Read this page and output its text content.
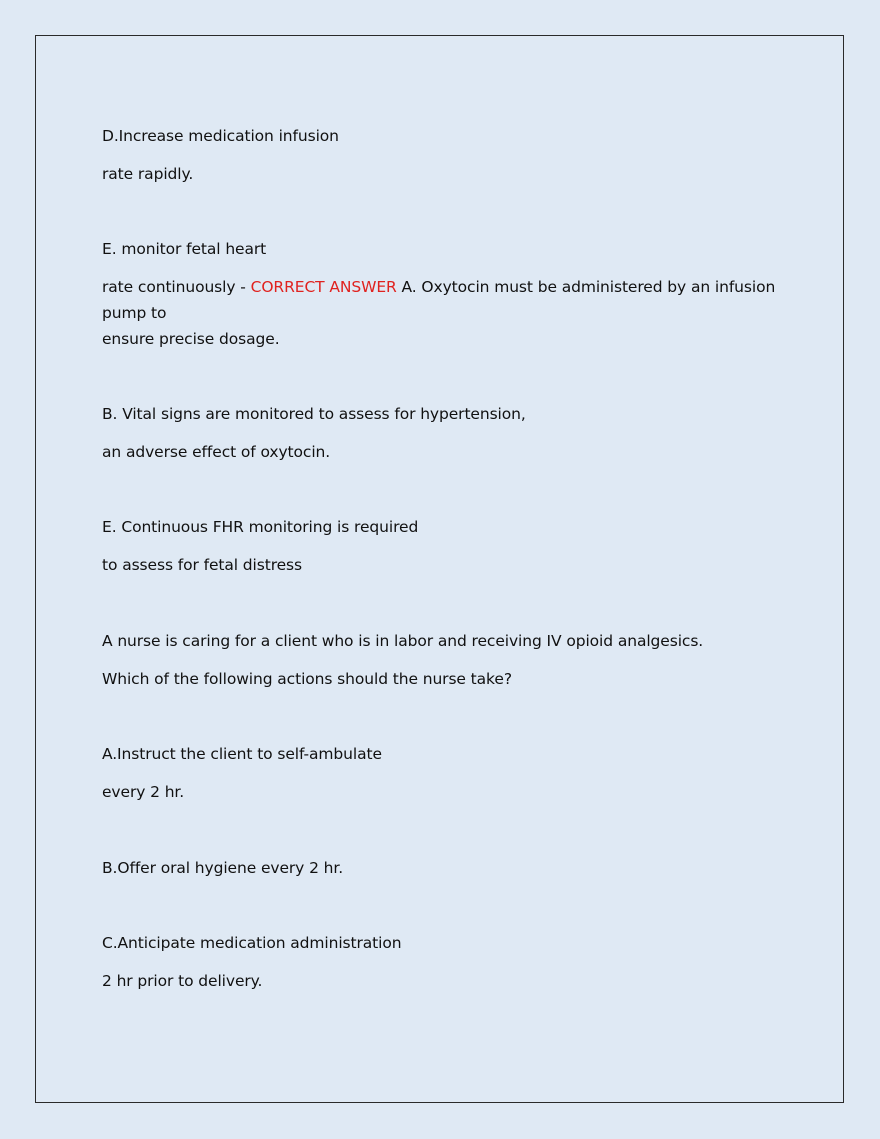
D.Increase medication infusion
rate rapidly.
E. monitor fetal heart
rate continuously - CORRECT ANSWER A. Oxytocin must be administered by an infusion pump to
ensure precise dosage.
B. Vital signs are monitored to assess for hypertension,
an adverse effect of oxytocin.
E. Continuous FHR monitoring is required
to assess for fetal distress
A nurse is caring for a client who is in labor and receiving IV opioid analgesics.
Which of the following actions should the nurse take?
A.Instruct the client to self-ambulate
every 2 hr.
B.Offer oral hygiene every 2 hr.
C.Anticipate medication administration
2 hr prior to delivery.
